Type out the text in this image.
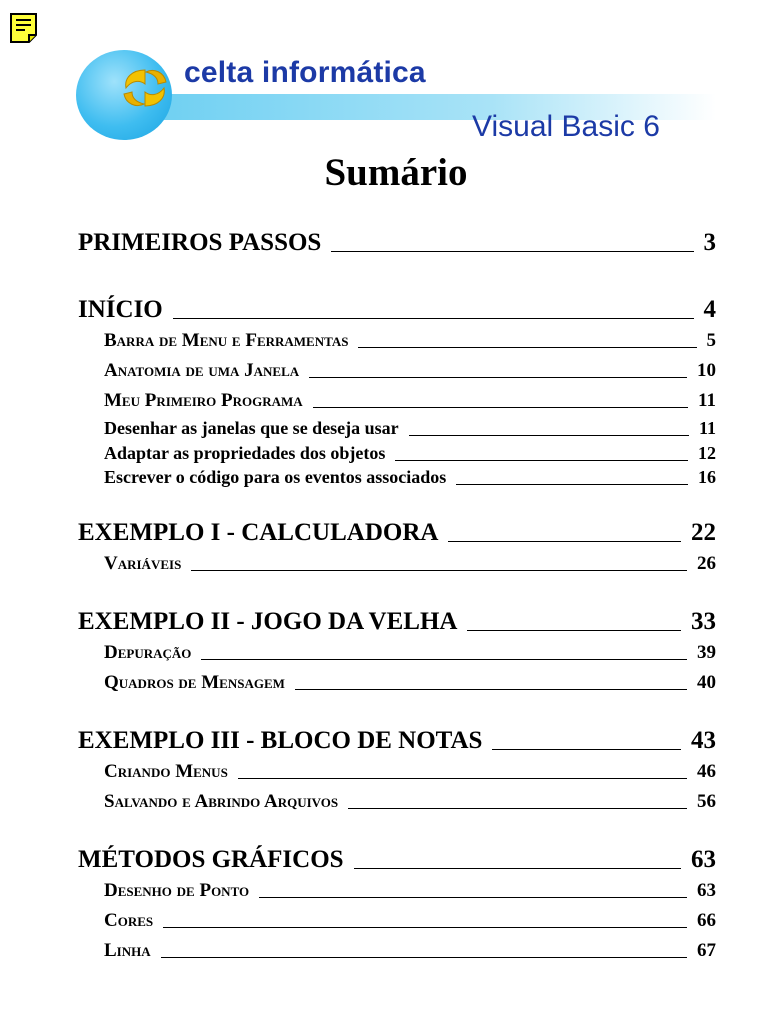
celta informática
Visual Basic 6
Sumário
PRIMEIROS PASSOS	3
INÍCIO	4
Barra de Menu e Ferramentas	5
Anatomia de uma Janela	10
Meu Primeiro Programa	11
Desenhar as janelas que se deseja usar	11
Adaptar as propriedades dos objetos	12
Escrever o código para os eventos associados	16
EXEMPLO I - CALCULADORA	22
Variáveis	26
EXEMPLO II - JOGO DA VELHA	33
Depuração	39
Quadros de Mensagem	40
EXEMPLO III - BLOCO DE NOTAS	43
Criando Menus	46
Salvando e Abrindo Arquivos	56
MÉTODOS GRÁFICOS	63
Desenho de Ponto	63
Cores	66
Linha	67
